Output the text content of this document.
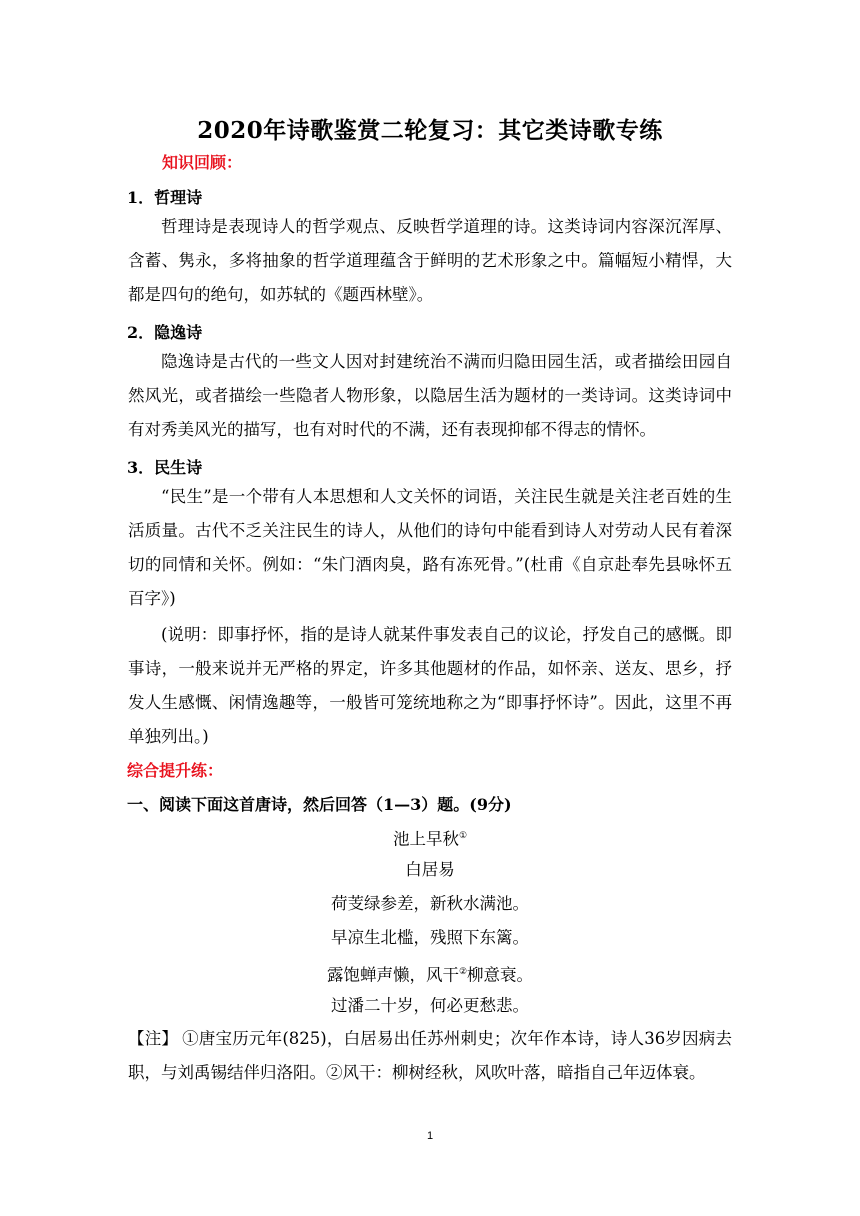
2020年诗歌鉴赏二轮复习：其它类诗歌专练
知识回顾：
1．哲理诗

哲理诗是表现诗人的哲学观点、反映哲学道理的诗。这类诗词内容深沉浑厚、含蓄、隽永，多将抽象的哲学道理蕴含于鲜明的艺术形象之中。篇幅短小精悍，大都是四句的绝句，如苏轼的《题西林壁》。

2．隐逸诗

隐逸诗是古代的一些文人因对封建统治不满而归隐田园生活，或者描绘田园自然风光，或者描绘一些隐者人物形象，以隐居生活为题材的一类诗词。这类诗词中有对秀美风光的描写，也有对时代的不满，还有表现抑郁不得志的情怀。

3．民生诗

“民生”是一个带有人本思想和人文关怀的词语，关注民生就是关注老百姓的生活质量。古代不乏关注民生的诗人，从他们的诗句中能看到诗人对劳动人民有着深切的同情和关怀。例如：“朱门酒肉臭，路有冻死骨。”(杜甫《自京赴奉先县咏怀五百字》)

(说明：即事抒怀，指的是诗人就某件事发表自己的议论，抒发自己的感慨。即事诗，一般来说并无严格的界定，许多其他题材的作品，如怀亲、送友、思乡，抒发人生感慨、闲情逸趣等，一般皆可笼统地称之为“即事抒怀诗”。因此，这里不再单独列出。)

综合提升练：
一、阅读下面这首唐诗，然后回答（1—3）题。(9分)
池上早秋①
白居易
荷芰绿参差，新秋水满池。
早凉生北槛，残照下东篱。
露饱蝉声懒，风干②柳意衰。
过潘二十岁，何必更愁悲。

【注】 ①唐宝历元年(825)，白居易出任苏州刺史；次年作本诗，诗人36岁因病去职，与刘禹锡结伴归洛阳。②风干：柳树经秋，风吹叶落，暗指自己年迈体衰。

1
